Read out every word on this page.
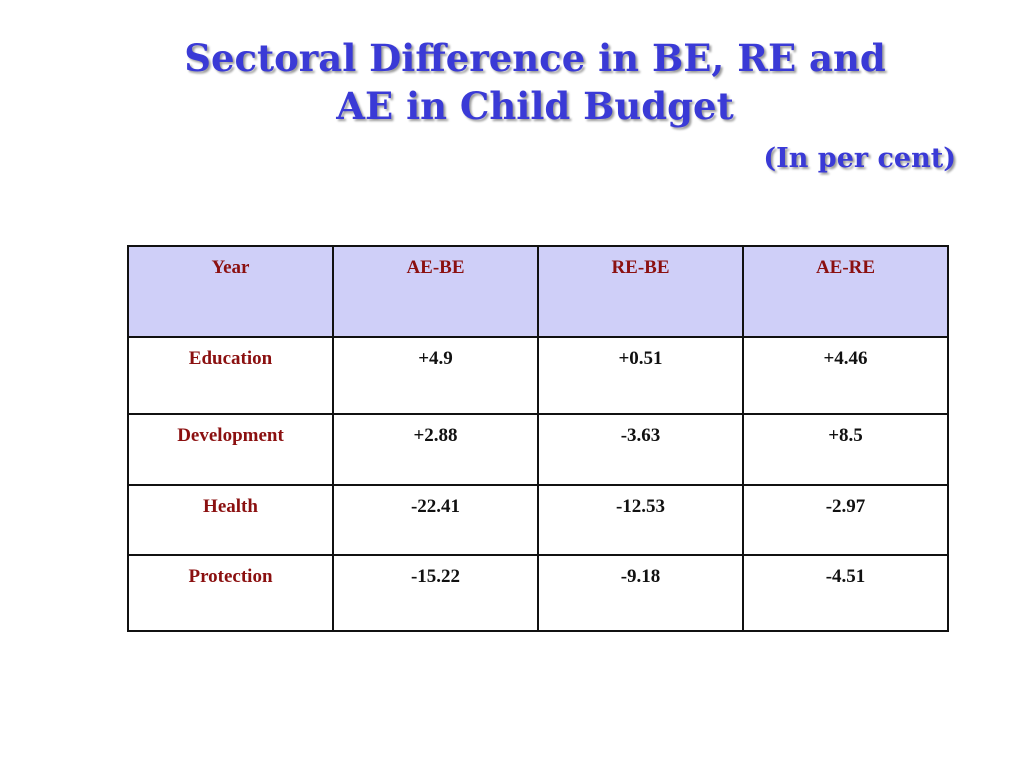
Sectoral Difference in BE, RE and
AE in Child Budget
(In per cent)
Year	AE-BE	RE-BE	AE-RE
Education	+4.9	+0.51	+4.46
Development	+2.88	-3.63	+8.5
Health	-22.41	-12.53	-2.97
Protection	-15.22	-9.18	-4.51
